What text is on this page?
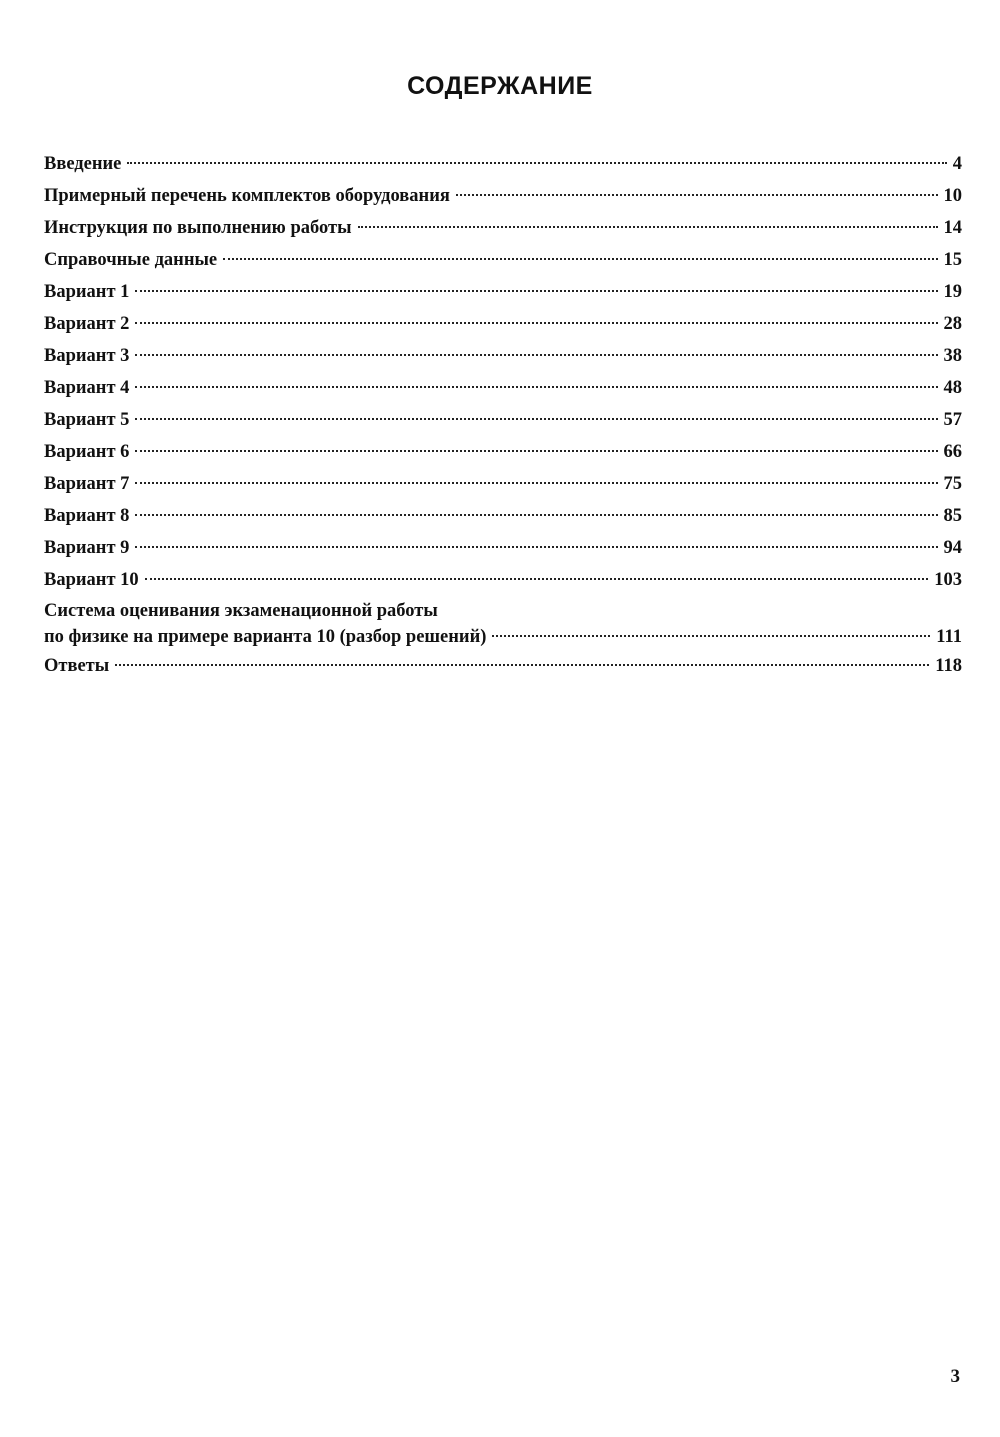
СОДЕРЖАНИЕ
Введение	4
Примерный перечень комплектов оборудования	10
Инструкция по выполнению работы	14
Справочные данные	15
Вариант 1	19
Вариант 2	28
Вариант 3	38
Вариант 4	48
Вариант 5	57
Вариант 6	66
Вариант 7	75
Вариант 8	85
Вариант 9	94
Вариант 10	103
Система оценивания экзаменационной работы
по физике на примере варианта 10 (разбор решений)	111
Ответы	118
3
